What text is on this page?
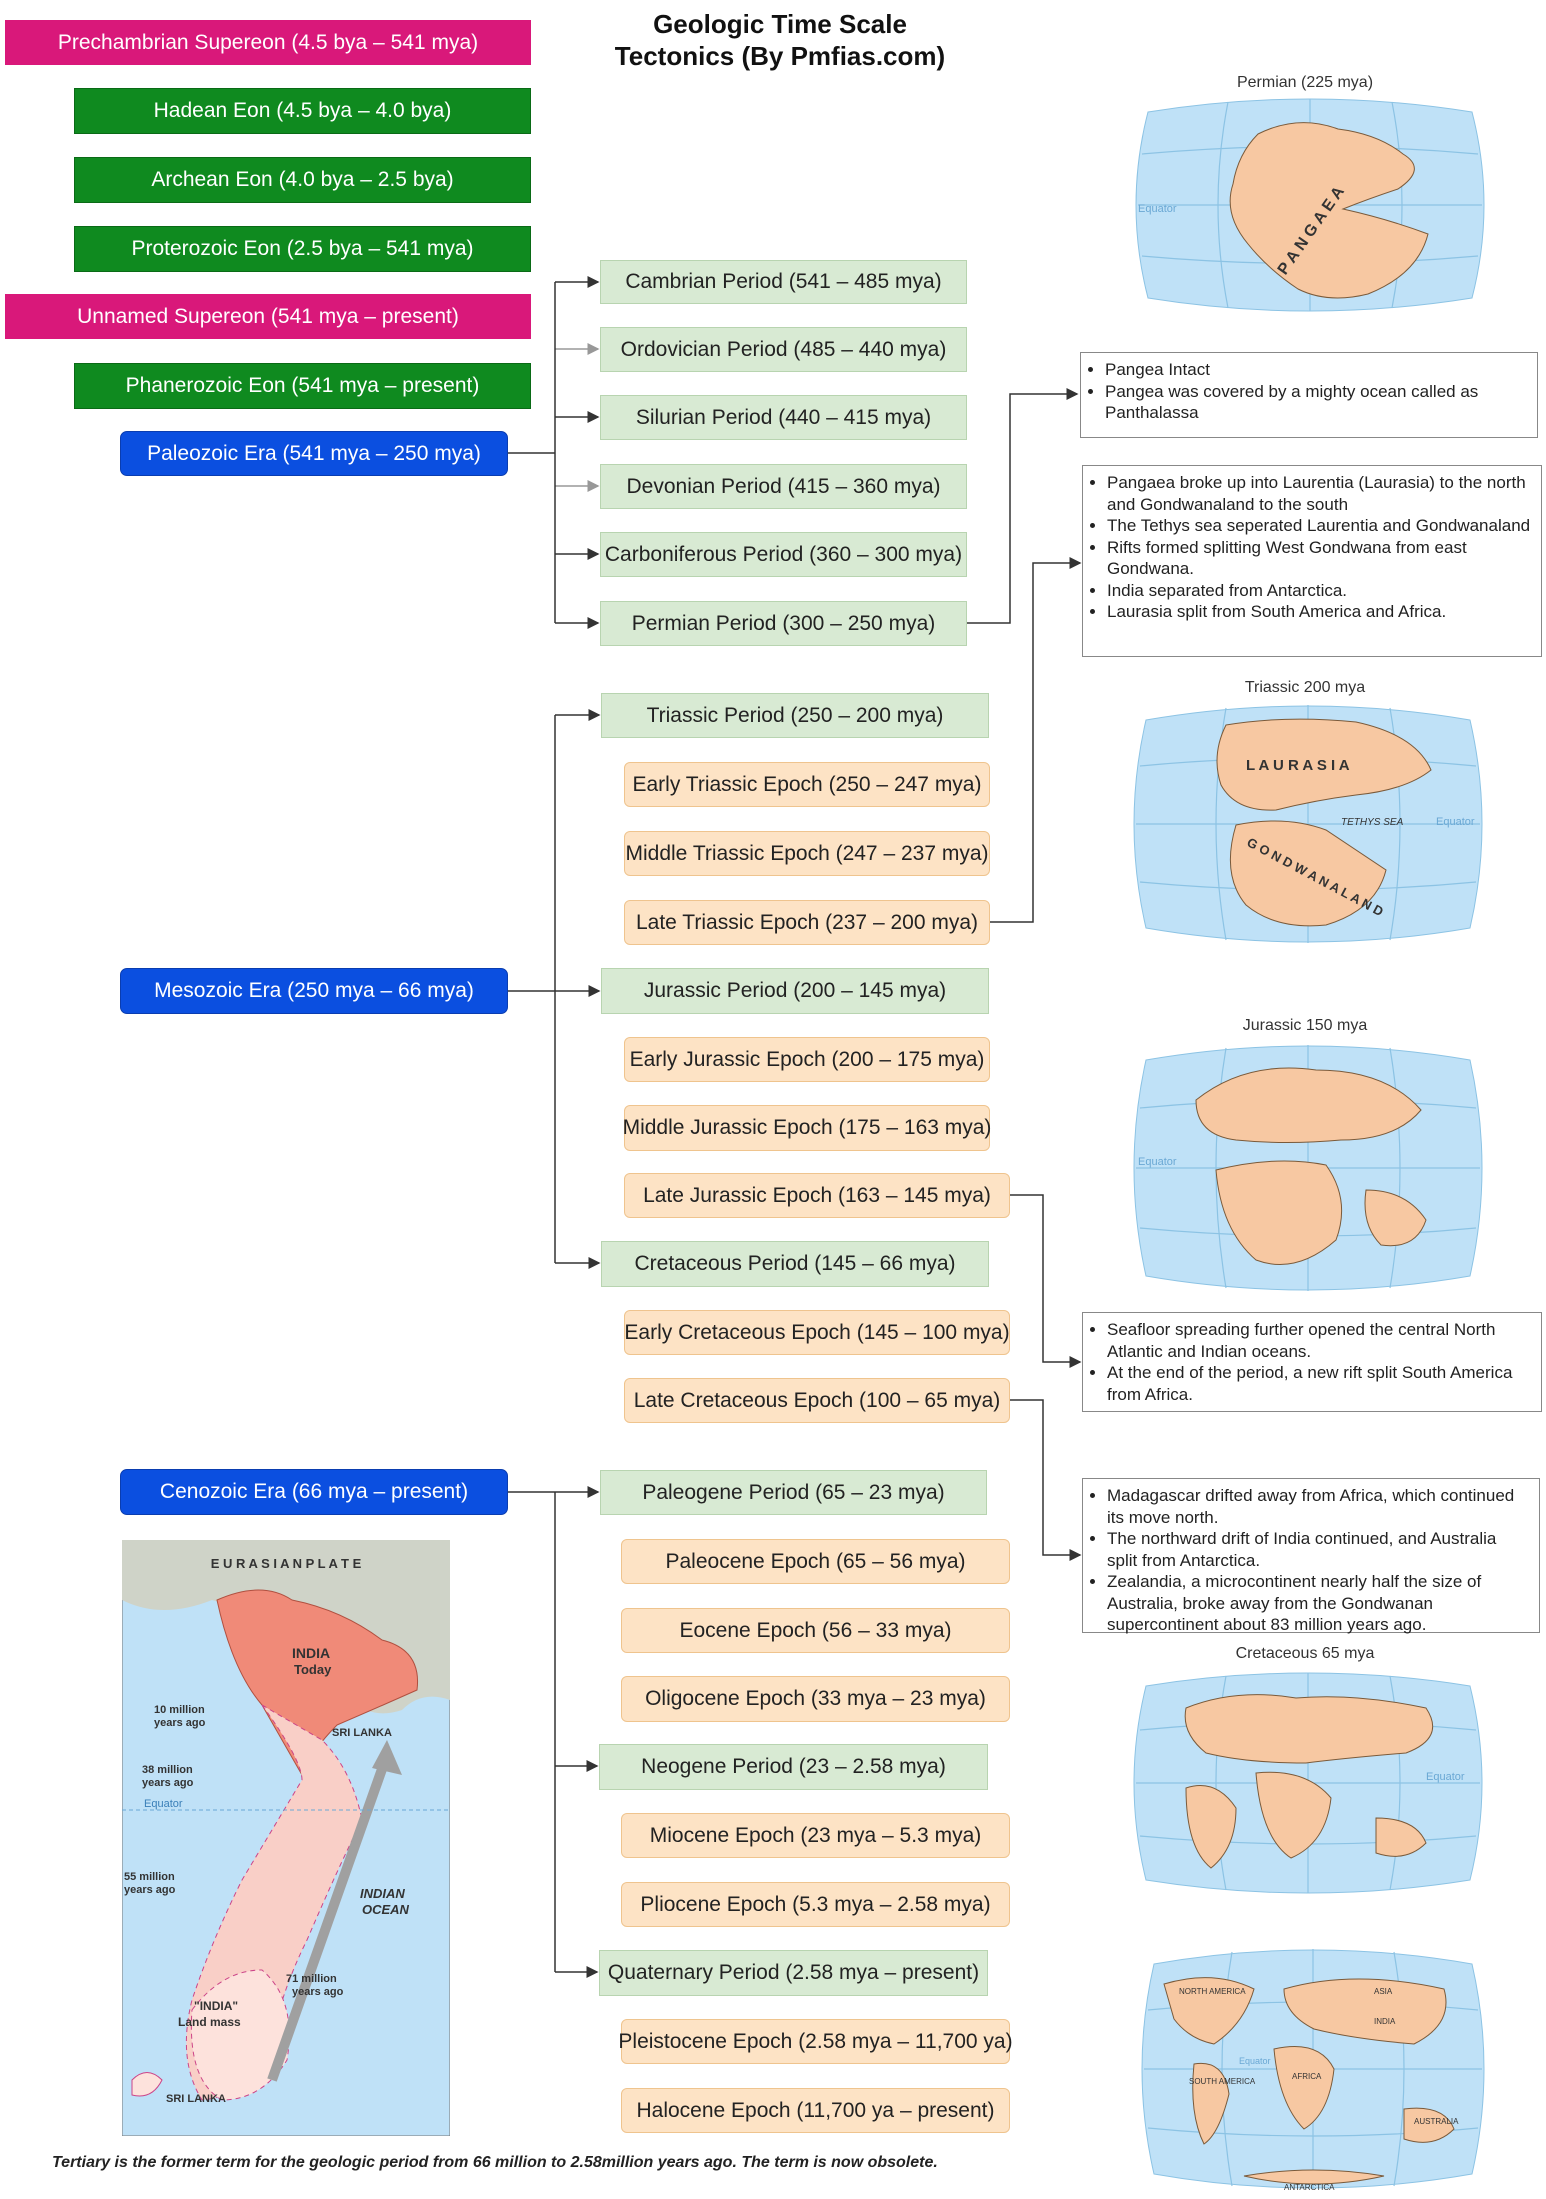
Geologic Time Scale
Tectonics (By Pmfias.com)
Prechambrian Supereon (4.5 bya – 541 mya)
Hadean Eon (4.5 bya – 4.0 bya)
Archean Eon (4.0 bya – 2.5 bya)
Proterozoic Eon (2.5 bya – 541 mya)
Unnamed Supereon (541 mya – present)
Phanerozoic Eon (541 mya – present)
Paleozoic Era (541 mya – 250 mya)
Mesozoic Era (250 mya – 66 mya)
Cenozoic Era (66 mya – present)
Cambrian Period (541 – 485 mya)
Ordovician Period (485 – 440 mya)
Silurian Period (440 – 415 mya)
Devonian Period (415 – 360 mya)
Carboniferous Period (360 – 300 mya)
Permian Period (300 – 250 mya)
Triassic Period (250 – 200 mya)
Early Triassic Epoch (250 – 247 mya)
Middle Triassic Epoch (247 – 237 mya)
Late Triassic Epoch (237 – 200 mya)
Jurassic Period (200 – 145 mya)
Early Jurassic Epoch (200 – 175 mya)
Middle Jurassic Epoch (175 – 163 mya)
Late Jurassic Epoch (163 – 145 mya)
Cretaceous Period (145 – 66 mya)
Early Cretaceous Epoch (145 – 100 mya)
Late Cretaceous Epoch (100 – 65 mya)
Paleogene Period (65 – 23 mya)
Paleocene Epoch (65 – 56 mya)
Eocene Epoch (56 – 33 mya)
Oligocene Epoch (33 mya – 23 mya)
Neogene Period (23 – 2.58 mya)
Miocene Epoch (23 mya – 5.3 mya)
Pliocene Epoch (5.3 mya – 2.58 mya)
Quaternary Period (2.58 mya – present)
Pleistocene Epoch (2.58 mya – 11,700 ya)
Halocene Epoch (11,700 ya – present)
• Pangea Intact
• Pangea was covered by a mighty ocean called as Panthalassa
• Pangaea broke up into Laurentia (Laurasia) to the north and Gondwanaland to the south
• The Tethys sea seperated Laurentia and Gondwanaland
• Rifts formed splitting West Gondwana from east Gondwana.
• India separated from Antarctica.
• Laurasia split from South America and Africa.
• Seafloor spreading further opened the central North Atlantic and Indian oceans.
• At the end of the period, a new rift split South America from Africa.
• Madagascar drifted away from Africa, which continued its move north.
• The northward drift of India continued, and Australia split from Antarctica.
• Zealandia, a microcontinent nearly half the size of Australia, broke away from the Gondwanan supercontinent about 83 million years ago.
Permian (225 mya)
Triassic 200 mya
Jurassic 150 mya
Cretaceous 65 mya
Equator	P A N G A E A
L A U R A S I A
TETHYS SEA	Equator
G O N D W A N A L A N D
Equator
Equator
NORTH AMERICA	ASIA
INDIA
AFRICA
Equator
SOUTH AMERICA
AUSTRALIA
ANTARCTICA
E U R A S I A N P L A T E
INDIA
Today
10 million
years ago
SRI LANKA
38 million
years ago
Equator
55 million
years ago	INDIAN
OCEAN
71 million
years ago
"INDIA"
Land mass
SRI LANKA
Tertiary is the former term for the geologic period from 66 million to 2.58million years ago. The term is now obsolete.
